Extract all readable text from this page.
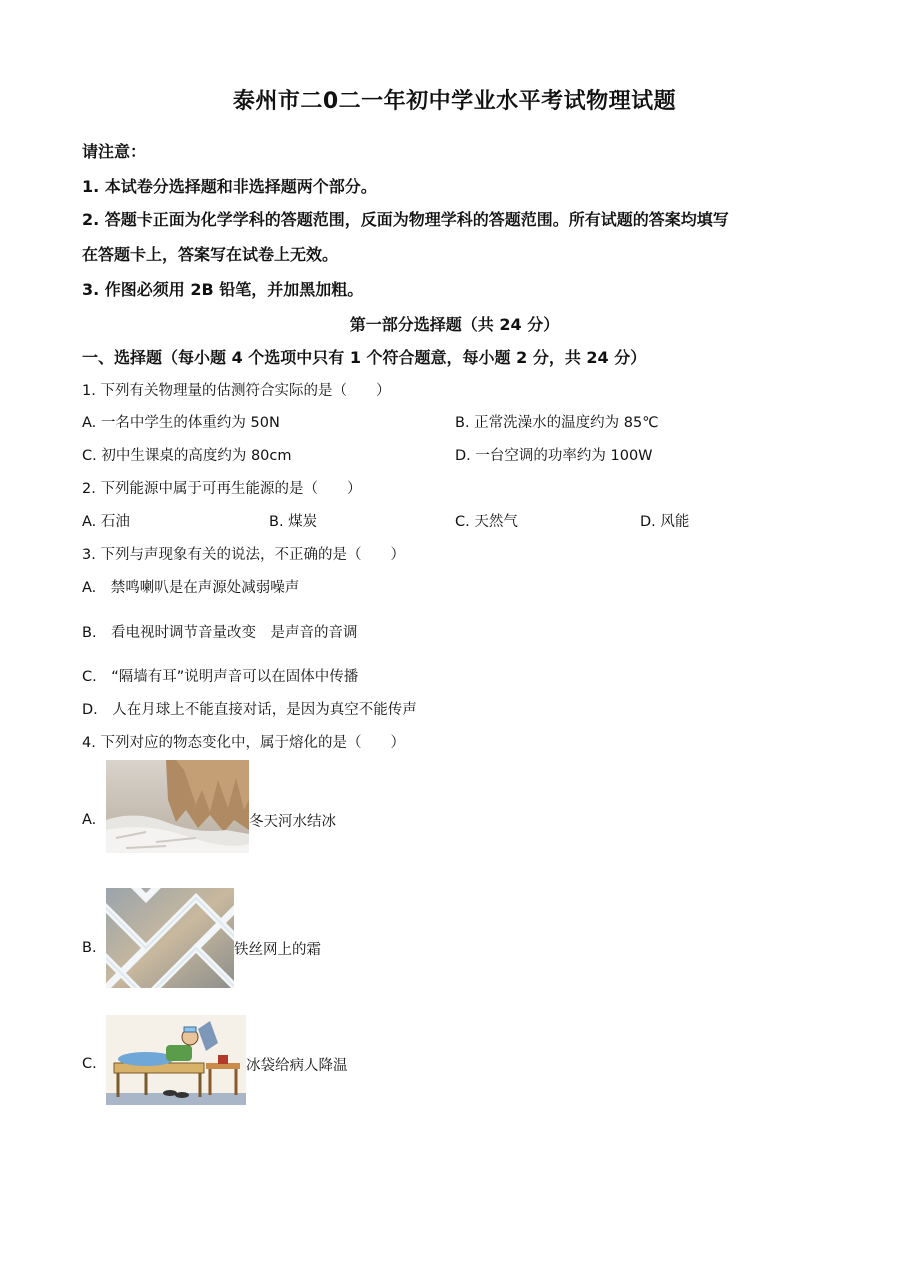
泰州市二0二一年初中学业水平考试物理试题
请注意：
1. 本试卷分选择题和非选择题两个部分。
2. 答题卡正面为化学学科的答题范围，反面为物理学科的答题范围。所有试题的答案均填写
在答题卡上，答案写在试卷上无效。
3. 作图必须用 2B 铅笔，并加黑加粗。
第一部分选择题（共 24 分）
一、选择题（每小题 4 个选项中只有 1 个符合题意，每小题 2 分，共 24 分）
1. 下列有关物理量的估测符合实际的是（　　）
A. 一名中学生的体重约为 50N	B. 正常洗澡水的温度约为 85℃
C. 初中生课桌的高度约为 80cm	D. 一台空调的功率约为 100W
2. 下列能源中属于可再生能源的是（　　）
A. 石油	B. 煤炭	C. 天然气	D. 风能
3. 下列与声现象有关的说法，不正确的是（　　）
A.　禁鸣喇叭是在声源处减弱噪声
B.　看电视时调节音量改变　是声音的音调
C.　“隔墙有耳”说明声音可以在固体中传播
D.　人在月球上不能直接对话，是因为真空不能传声
4. 下列对应的物态变化中，属于熔化的是（　　）
A.	冬天河水结冰
B.	铁丝网上的霜
C.	冰袋给病人降温
